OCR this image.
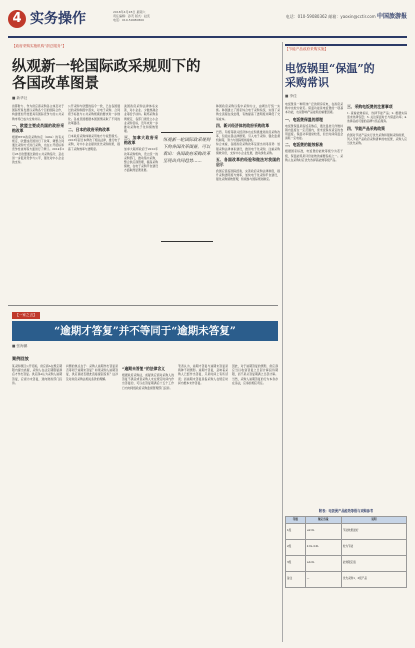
4 实务操作	2018年4月28日 星期六
责任编辑：孙茂 版式：赵奕
电话：010-59080800
电话：010-59080362 邮箱：yaoxin@cctir.com 中国旅游报
【政府采购实施机构“浙总服务”】
纵观新一轮国际政采规则下的
各国改革图景
■ 新华社

首都财力、作为供应商采购各主体及对于国际贸易发展以采购各个目的国际合作，构建更加开放更具有国际竞争力的公共采购市场已成为全球共识。

一、欧盟主要成员国的政府采购改革

根据WTO政府采购协定（GPA）的有关规定，欧盟成员国进行了改革，调整合同通过采购方式进行采购，也在公开招标和竞争性谈判等方面进行了修订。2014年2月26日欧盟通过新的公共采购指令，意在进一步促进竞争与公平，强化对中小企业的支持。

公开采购与欧盟的指令一致，已在各国通过的采购制度中落实，对电子采购、合同授予标准与公共采购规模的要求进一步细化。各成员国根据本国国情采取了不同的改革路径。

二、日本的政府采购改革

日本政府采购体制采用地方分权型模式。2013年起日本修改了相关法律，推行电子采购，对中小企业提供优先采购政策，提高了采购效率与透明度。

美国政府采购法律体系完善，对小企业、少数族裔企业等给予扶持。联邦采购条例规定，各部门须设立小企业采购目标，近年来进一步推动采购电子化和绩效管理。

三、加拿大政府采购改革

加拿大联邦政府于2012年改革采购机构，设立统一的采购部门，推动集中采购，整合供应商管理，提高采购绩效，在电子采购平台建设方面取得显著进展。

纵观新一轮国际政采规则下的各国改革图景，可以看出：各国政府采购改革呈现出共同趋势……

韩国政府采购以集中采购为主，由调达厅统一实施。韩国建立了国家综合电子采购系统，实现了采购全流程在线处理，有效提高了透明度并降低了交易成本。

四、新兴经济体的政府采购改革

巴西、印度等新兴经济体也在积极推进政府采购改革，包括完善法律框架、引入电子采购、强化监督机制等，努力与国际规则接轨。

综合来看，各国政府采购改革呈现出共同趋势：加强采购法律体系建设，推进电子化采购，注重采购绩效评价，支持中小企业发展，推动绿色采购。

五、各国改革的经验和做法对我国的启示

我国应借鉴国际经验，完善政府采购法律制度，提升采购透明度与效率，加快电子化采购平台建设，强化采购绩效管理，积极参与国际规则制定。

【节能产品政府采购实施】
电饭锅里“保温”的
采购常识
■ 李佳

电饭煲是一种用途广泛的厨房家电，在政府采购中也较为常见。保温功能是电饭煲的一项基本功能，也是影响产品能耗的重要因素。

一、电饭煲保温的原理

电饭煲保温是指饭煮熟后，通过温控元件维持锅内温度在一定范围内，使米饭保持适宜的食用温度。保温功率通常较低，但长时间保温会消耗一定电能。

二、电饭煲的能效标准

根据国家标准，电饭煲的能效等级分为若干级，保温能耗是评价能效的重要指标之一。采购人在采购时应优先选择高能效等级产品。

三、采购电饭煲的注意事项

1. 查看能效标识，选择节能产品；2. 根据实际需求选择容量；3. 关注保温时长与保温功率；4. 选择品质可靠的品牌与售后服务。

四、节能产品采购政策

我国对节能产品实行优先采购和强制采购政策，列入节能产品政府采购清单的电饭煲，采购人应当优先采购。

【一家之言】
“逾期才答复”并不等同于“逾期未答复”
■ 张海鹏
案例回放

某采购项目公开招标，供应商A在规定期限内提出质疑，采购人在法定期限届满后才作出答复。供应商A认为采购人逾期答复，应视为未答复，遂向财政部门投诉。

问题的焦点在于：采购人逾期作出答复是否等同于逾期未答复？如果采购人逾期答复，供应商能否据此直接提起投诉？这涉及对政府采购法相关条款的理解。

“逾期未答复”的法律含义

根据政府采购法，质疑供应商对采购人的答复不满意或者采购人未在规定时间内作出答复的，可以在答复期满后十五个工作日内向同级政府采购监督管理部门投诉。

笔者认为，逾期才答复与逾期未答复是两种不同情形。逾期才答复，意味着采购人已经作出答复，只是时间上有所延误；而逾期未答复是指采购人在规定时间内根本未作答复。

因此，对于逾期答复的情形，供应商应当以收到答复之日起计算投诉期限，而不是从答复期满之日起计算。当然，采购人逾期答复的行为本身存在违法，应承担相应责任。

附表：电饭煲产品能效等级与采购参考
等级	额定容量	说明
1级	≤2.0L	节能效果最好
2级	2.0L-4.0L	较为节能
3级	≥4.0L	能效限定值
备注	—	优先采购1、2级产品
